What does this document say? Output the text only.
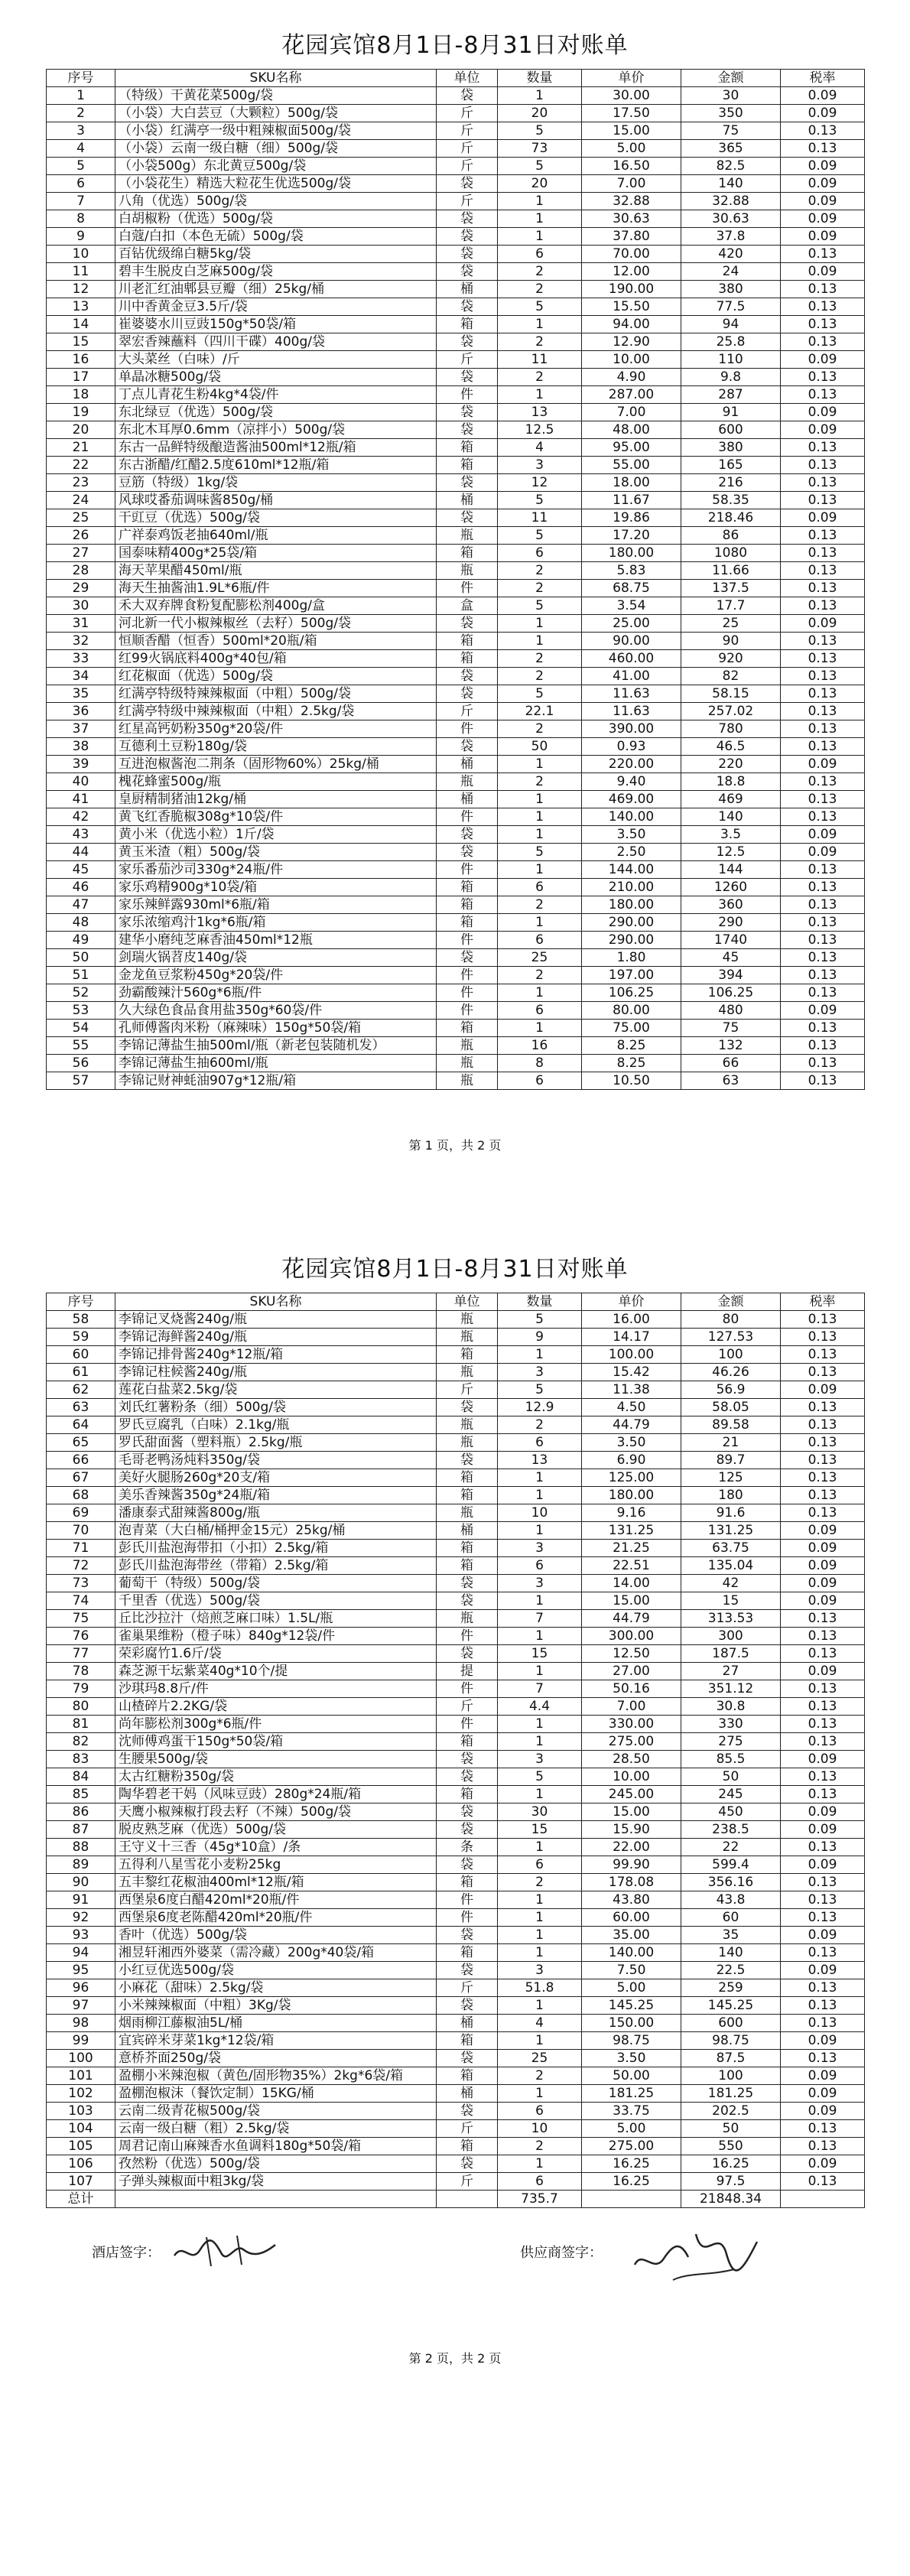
花园宾馆8月1日-8月31日对账单
序号	SKU名称	单位	数量	单价	金额	税率
1	（特级）干黄花菜500g/袋	袋	1	30.00	30	0.09
2	（小袋）大白芸豆（大颗粒）500g/袋	斤	20	17.50	350	0.09
3	（小袋）红满亭一级中粗辣椒面500g/袋	斤	5	15.00	75	0.13
4	（小袋）云南一级白糖（细）500g/袋	斤	73	5.00	365	0.13
5	（小袋500g）东北黄豆500g/袋	斤	5	16.50	82.5	0.09
6	（小袋花生）精选大粒花生优选500g/袋	袋	20	7.00	140	0.09
7	八角（优选）500g/袋	斤	1	32.88	32.88	0.09
8	白胡椒粉（优选）500g/袋	袋	1	30.63	30.63	0.09
9	白蔻/白扣（本色无硫）500g/袋	袋	1	37.80	37.8	0.09
10	百钻优级绵白糖5kg/袋	袋	6	70.00	420	0.13
11	碧丰生脱皮白芝麻500g/袋	袋	2	12.00	24	0.09
12	川老汇红油郫县豆瓣（细）25kg/桶	桶	2	190.00	380	0.13
13	川中香黄金豆3.5斤/袋	袋	5	15.50	77.5	0.13
14	崔婆婆水川豆豉150g*50袋/箱	箱	1	94.00	94	0.13
15	翠宏香辣蘸料（四川干碟）400g/袋	袋	2	12.90	25.8	0.13
16	大头菜丝（白味）/斤	斤	11	10.00	110	0.09
17	单晶冰糖500g/袋	袋	2	4.90	9.8	0.13
18	丁点儿青花生粉4kg*4袋/件	件	1	287.00	287	0.13
19	东北绿豆（优选）500g/袋	袋	13	7.00	91	0.09
20	东北木耳厚0.6mm（凉拌小）500g/袋	袋	12.5	48.00	600	0.09
21	东古一品鲜特级酿造酱油500ml*12瓶/箱	箱	4	95.00	380	0.13
22	东古浙醋/红醋2.5度610ml*12瓶/箱	箱	3	55.00	165	0.13
23	豆筋（特级）1kg/袋	袋	12	18.00	216	0.13
24	风球哎番茄调味酱850g/桶	桶	5	11.67	58.35	0.13
25	干豇豆（优选）500g/袋	袋	11	19.86	218.46	0.09
26	广祥泰鸡饭老抽640ml/瓶	瓶	5	17.20	86	0.13
27	国泰味精400g*25袋/箱	箱	6	180.00	1080	0.13
28	海天苹果醋450ml/瓶	瓶	2	5.83	11.66	0.13
29	海天生抽酱油1.9L*6瓶/件	件	2	68.75	137.5	0.13
30	禾大双弃牌食粉复配膨松剂400g/盒	盒	5	3.54	17.7	0.13
31	河北新一代小椒辣椒丝（去籽）500g/袋	袋	1	25.00	25	0.09
32	恒顺香醋（恒香）500ml*20瓶/箱	箱	1	90.00	90	0.13
33	红99火锅底料400g*40包/箱	箱	2	460.00	920	0.13
34	红花椒面（优选）500g/袋	袋	2	41.00	82	0.13
35	红满亭特级特辣辣椒面（中粗）500g/袋	袋	5	11.63	58.15	0.13
36	红满亭特级中辣辣椒面（中粗）2.5kg/袋	斤	22.1	11.63	257.02	0.13
37	红星高钙奶粉350g*20袋/件	件	2	390.00	780	0.13
38	互德利土豆粉180g/袋	袋	50	0.93	46.5	0.13
39	互进泡椒酱泡二荆条（固形物60%）25kg/桶	桶	1	220.00	220	0.09
40	槐花蜂蜜500g/瓶	瓶	2	9.40	18.8	0.13
41	皇厨精制猪油12kg/桶	桶	1	469.00	469	0.13
42	黄飞红香脆椒308g*10袋/件	件	1	140.00	140	0.13
43	黄小米（优选小粒）1斤/袋	袋	1	3.50	3.5	0.09
44	黄玉米渣（粗）500g/袋	袋	5	2.50	12.5	0.09
45	家乐番茄沙司330g*24瓶/件	件	1	144.00	144	0.13
46	家乐鸡精900g*10袋/箱	箱	6	210.00	1260	0.13
47	家乐辣鲜露930ml*6瓶/箱	箱	2	180.00	360	0.13
48	家乐浓缩鸡汁1kg*6瓶/箱	箱	1	290.00	290	0.13
49	建华小磨纯芝麻香油450ml*12瓶	件	6	290.00	1740	0.13
50	剑瑞火锅苕皮140g/袋	袋	25	1.80	45	0.13
51	金龙鱼豆浆粉450g*20袋/件	件	2	197.00	394	0.13
52	劲霸酸辣汁560g*6瓶/件	件	1	106.25	106.25	0.13
53	久大绿色食品食用盐350g*60袋/件	件	6	80.00	480	0.09
54	孔师傅酱肉米粉（麻辣味）150g*50袋/箱	箱	1	75.00	75	0.13
55	李锦记薄盐生抽500ml/瓶（新老包装随机发）	瓶	16	8.25	132	0.13
56	李锦记薄盐生抽600ml/瓶	瓶	8	8.25	66	0.13
57	李锦记财神蚝油907g*12瓶/箱	瓶	6	10.50	63	0.13
第 1 页，共 2 页
花园宾馆8月1日-8月31日对账单
序号	SKU名称	单位	数量	单价	金额	税率
58	李锦记叉烧酱240g/瓶	瓶	5	16.00	80	0.13
59	李锦记海鲜酱240g/瓶	瓶	9	14.17	127.53	0.13
60	李锦记排骨酱240g*12瓶/箱	箱	1	100.00	100	0.13
61	李锦记柱候酱240g/瓶	瓶	3	15.42	46.26	0.13
62	莲花白盐菜2.5kg/袋	斤	5	11.38	56.9	0.09
63	刘氏红薯粉条（细）500g/袋	袋	12.9	4.50	58.05	0.13
64	罗氏豆腐乳（白味）2.1kg/瓶	瓶	2	44.79	89.58	0.13
65	罗氏甜面酱（塑料瓶）2.5kg/瓶	瓶	6	3.50	21	0.13
66	毛哥老鸭汤炖料350g/袋	袋	13	6.90	89.7	0.13
67	美好火腿肠260g*20支/箱	箱	1	125.00	125	0.13
68	美乐香辣酱350g*24瓶/箱	箱	1	180.00	180	0.13
69	潘康泰式甜辣酱800g/瓶	瓶	10	9.16	91.6	0.13
70	泡青菜（大白桶/桶押金15元）25kg/桶	桶	1	131.25	131.25	0.09
71	彭氏川盐泡海带扣（小扣）2.5kg/箱	箱	3	21.25	63.75	0.09
72	彭氏川盐泡海带丝（带箱）2.5kg/箱	箱	6	22.51	135.04	0.09
73	葡萄干（特级）500g/袋	袋	3	14.00	42	0.09
74	千里香（优选）500g/袋	袋	1	15.00	15	0.09
75	丘比沙拉汁（焙煎芝麻口味）1.5L/瓶	瓶	7	44.79	313.53	0.13
76	雀巢果维粉（橙子味）840g*12袋/件	件	1	300.00	300	0.13
77	荣彩腐竹1.6斤/袋	袋	15	12.50	187.5	0.13
78	森芝源干坛紫菜40g*10个/提	提	1	27.00	27	0.09
79	沙琪玛8.8斤/件	件	7	50.16	351.12	0.13
80	山楂碎片2.2KG/袋	斤	4.4	7.00	30.8	0.13
81	尚年膨松剂300g*6瓶/件	件	1	330.00	330	0.13
82	沈师傅鸡蛋干150g*50袋/箱	箱	1	275.00	275	0.13
83	生腰果500g/袋	袋	3	28.50	85.5	0.09
84	太古红糖粉350g/袋	袋	5	10.00	50	0.13
85	陶华碧老干妈（风味豆豉）280g*24瓶/箱	箱	1	245.00	245	0.13
86	天鹰小椒辣椒打段去籽（不辣）500g/袋	袋	30	15.00	450	0.09
87	脱皮熟芝麻（优选）500g/袋	袋	15	15.90	238.5	0.09
88	王守义十三香（45g*10盒）/条	条	1	22.00	22	0.13
89	五得利八星雪花小麦粉25kg	袋	6	99.90	599.4	0.09
90	五丰黎红花椒油400ml*12瓶/箱	箱	2	178.08	356.16	0.13
91	西堡泉6度白醋420ml*20瓶/件	件	1	43.80	43.8	0.13
92	西堡泉6度老陈醋420ml*20瓶/件	件	1	60.00	60	0.13
93	香叶（优选）500g/袋	袋	1	35.00	35	0.09
94	湘昱轩湘西外婆菜（需冷藏）200g*40袋/箱	箱	1	140.00	140	0.13
95	小红豆优选500g/袋	袋	3	7.50	22.5	0.09
96	小麻花（甜味）2.5kg/袋	斤	51.8	5.00	259	0.13
97	小米辣辣椒面（中粗）3Kg/袋	袋	1	145.25	145.25	0.13
98	烟雨柳江藤椒油5L/桶	桶	4	150.00	600	0.13
99	宜宾碎米芽菜1kg*12袋/箱	箱	1	98.75	98.75	0.09
100	意桥芥面250g/袋	袋	25	3.50	87.5	0.13
101	盈棚小米辣泡椒（黄色/固形物35%）2kg*6袋/箱	箱	2	50.00	100	0.09
102	盈棚泡椒沫（餐饮定制）15KG/桶	桶	1	181.25	181.25	0.09
103	云南二级青花椒500g/袋	袋	6	33.75	202.5	0.09
104	云南一级白糖（粗）2.5kg/袋	斤	10	5.00	50	0.13
105	周君记南山麻辣香水鱼调料180g*50袋/箱	箱	2	275.00	550	0.13
106	孜然粉（优选）500g/袋	袋	1	16.25	16.25	0.09
107	子弹头辣椒面中粗3kg/袋	斤	6	16.25	97.5	0.13
总计			735.7		21848.34	
酒店签字：	供应商签字：
第 2 页，共 2 页
